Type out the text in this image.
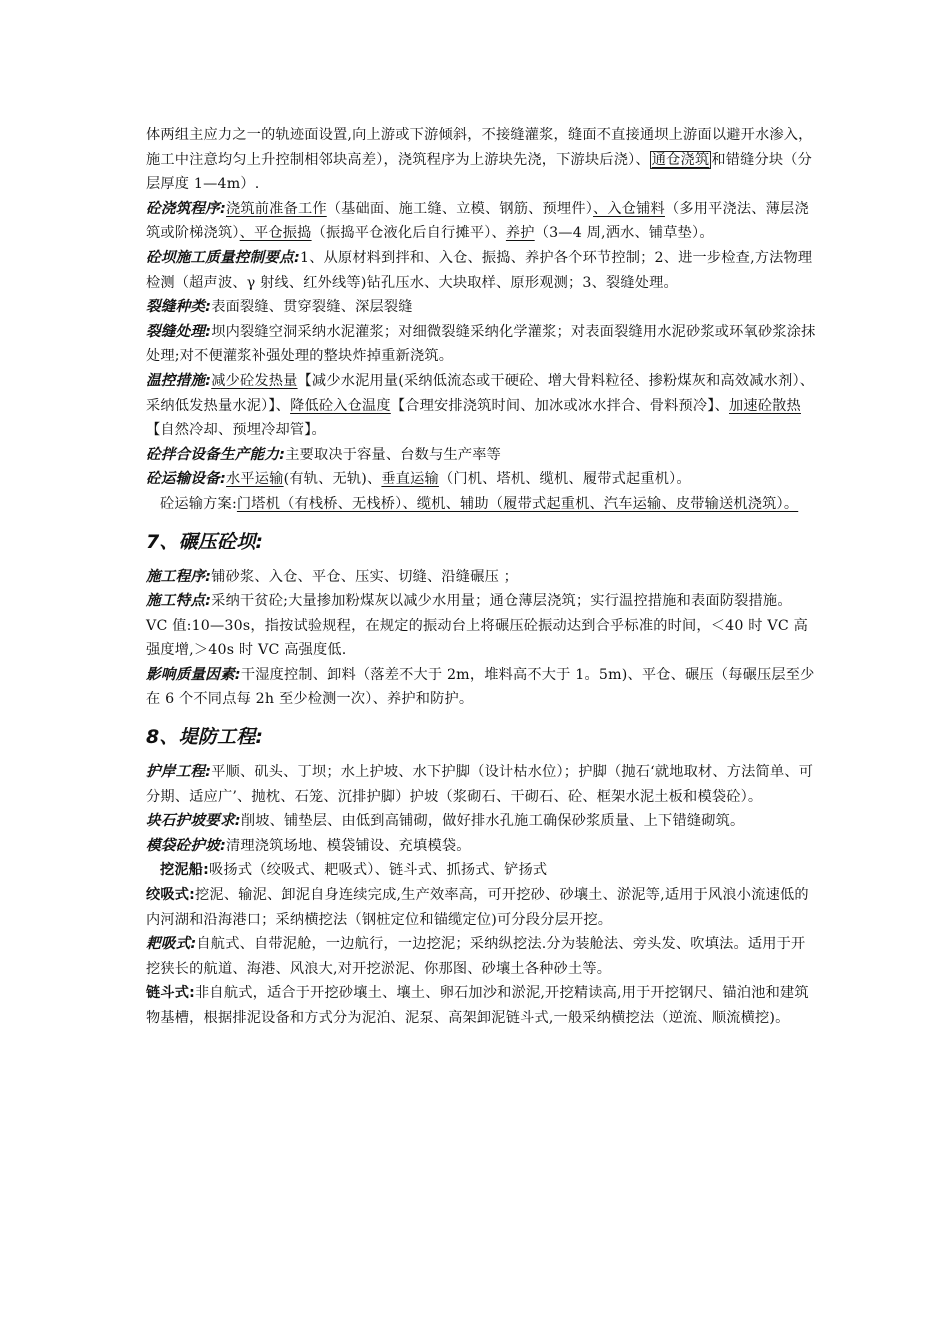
体两组主应力之一的轨迹面设置,向上游或下游倾斜，不接缝灌浆，缝面不直接通坝上游面以避开水渗入，施工中注意均匀上升控制相邻块高差），浇筑程序为上游块先浇，下游块后浇）、 通仓浇筑 和错缝分块（分层厚度 1—4m）.

砼浇筑程序:浇筑前准备工作（基础面、施工缝、立模、钢筋、预埋件）、入仓铺料（多用平浇法、薄层浇筑或阶梯浇筑）、平仓振捣（振捣平仓液化后自行摊平）、养护（3—4 周,洒水、铺草垫）。

砼坝施工质量控制要点:1、从原材料到拌和、入仓、振捣、养护各个环节控制；2、进一步检查,方法物理检测（超声波、γ 射线、红外线等)钻孔压水、大块取样、原形观测；3、裂缝处理。

裂缝种类:表面裂缝、贯穿裂缝、深层裂缝

裂缝处理:坝内裂缝空洞采纳水泥灌浆；对细微裂缝采纳化学灌浆；对表面裂缝用水泥砂浆或环氧砂浆涂抹处理;对不便灌浆补强处理的整块炸掉重新浇筑。

温控措施:减少砼发热量【减少水泥用量(采纳低流态或干硬砼、增大骨料粒径、掺粉煤灰和高效减水剂）、采纳低发热量水泥）】、降低砼入仓温度【合理安排浇筑时间、加冰或冰水拌合、骨料预冷】、加速砼散热【自然冷却、预埋冷却管】。

砼拌合设备生产能力:主要取决于容量、台数与生产率等

砼运输设备:水平运输(有轨、无轨)、垂直运输（门机、塔机、缆机、履带式起重机）。

砼运输方案:门塔机（有栈桥、无栈桥）、缆机、辅助（履带式起重机、汽车运输、皮带输送机浇筑）。

7、碾压砼坝:

施工程序:铺砂浆、入仓、平仓、压实、切缝、沿缝碾压 ；

施工特点:采纳干贫砼;大量掺加粉煤灰以减少水用量；通仓薄层浇筑；实行温控措施和表面防裂措施。

VC 值:10—30s，指按试验规程，在规定的振动台上将碾压砼振动达到合乎标准的时间，＜40 时 VC 高强度增,＞40s 时 VC 高强度低.

影响质量因素:干湿度控制、卸料（落差不大于 2m，堆料高不大于 1。5m)、平仓、碾压（每碾压层至少在 6 个不同点每 2h 至少检测一次）、养护和防护。

8、堤防工程:

护岸工程:平顺、矶头、丁坝；水上护坡、水下护脚（设计枯水位）；护脚（抛石‘就地取材、方法简单、可分期、适应广’、抛枕、石笼、沉排护脚）护坡（浆砌石、干砌石、砼、框架水泥土板和模袋砼）。

块石护坡要求:削坡、铺垫层、由低到高铺砌，做好排水孔施工确保砂浆质量、上下错缝砌筑。

模袋砼护坡:清理浇筑场地、模袋铺设、充填模袋。

挖泥船:吸扬式（绞吸式、耙吸式）、链斗式、抓扬式、铲扬式

绞吸式:挖泥、输泥、卸泥自身连续完成,生产效率高，可开挖砂、砂壤土、淤泥等,适用于风浪小流速低的内河湖和沿海港口；采纳横挖法（钢桩定位和锚缆定位)可分段分层开挖。

耙吸式:自航式、自带泥舱，一边航行，一边挖泥；采纳纵挖法.分为装舱法、旁头发、吹填法。适用于开挖狭长的航道、海港、风浪大,对开挖淤泥、你那图、砂壤土各种砂土等。

链斗式:非自航式，适合于开挖砂壤土、壤土、卵石加沙和淤泥,开挖精读高,用于开挖钢尺、锚泊池和建筑物基槽，根据排泥设备和方式分为泥泊、泥泵、高架卸泥链斗式,一般采纳横挖法（逆流、顺流横挖)。
